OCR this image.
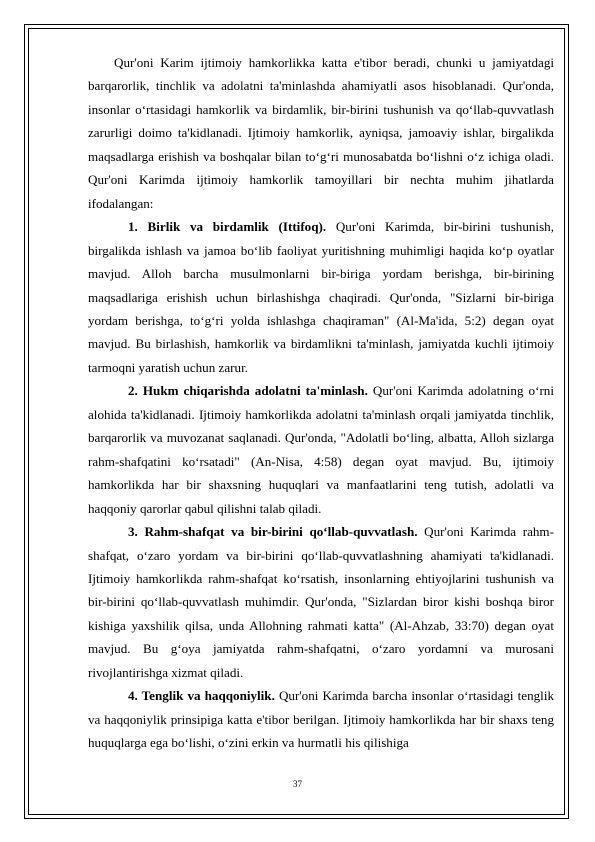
Qur'oni Karim ijtimoiy hamkorlikka katta e'tibor beradi, chunki u jamiyatdagi barqarorlik, tinchlik va adolatni ta'minlashda ahamiyatli asos hisoblanadi. Qur'onda, insonlar o‘rtasidagi hamkorlik va birdamlik, bir-birini tushunish va qo‘llab-quvvatlash zarurligi doimo ta'kidlanadi. Ijtimoiy hamkorlik, ayniqsa, jamoaviy ishlar, birgalikda maqsadlarga erishish va boshqalar bilan to‘g‘ri munosabatda bo‘lishni o‘z ichiga oladi. Qur'oni Karimda ijtimoiy hamkorlik tamoyillari bir nechta muhim jihatlarda ifodalangan:

1. Birlik va birdamlik (Ittifoq). Qur'oni Karimda, bir-birini tushunish, birgalikda ishlash va jamoa bo‘lib faoliyat yuritishning muhimligi haqida ko‘p oyatlar mavjud. Alloh barcha musulmonlarni bir-biriga yordam berishga, bir-birining maqsadlariga erishish uchun birlashishga chaqiradi. Qur'onda, "Sizlarni bir-biriga yordam berishga, to‘g‘ri yolda ishlashga chaqiraman" (Al-Ma'ida, 5:2) degan oyat mavjud. Bu birlashish, hamkorlik va birdamlikni ta'minlash, jamiyatda kuchli ijtimoiy tarmoqni yaratish uchun zarur.

2. Hukm chiqarishda adolatni ta'minlash. Qur'oni Karimda adolatning o‘rni alohida ta'kidlanadi. Ijtimoiy hamkorlikda adolatni ta'minlash orqali jamiyatda tinchlik, barqarorlik va muvozanat saqlanadi. Qur'onda, "Adolatli bo‘ling, albatta, Alloh sizlarga rahm-shafqatini ko‘rsatadi" (An-Nisa, 4:58) degan oyat mavjud. Bu, ijtimoiy hamkorlikda har bir shaxsning huquqlari va manfaatlarini teng tutish, adolatli va haqqoniy qarorlar qabul qilishni talab qiladi.

3. Rahm-shafqat va bir-birini qo‘llab-quvvatlash. Qur'oni Karimda rahm-shafqat, o‘zaro yordam va bir-birini qo‘llab-quvvatlashning ahamiyati ta'kidlanadi. Ijtimoiy hamkorlikda rahm-shafqat ko‘rsatish, insonlarning ehtiyojlarini tushunish va bir-birini qo‘llab-quvvatlash muhimdir. Qur'onda, "Sizlardan biror kishi boshqa biror kishiga yaxshilik qilsa, unda Allohning rahmati katta" (Al-Ahzab, 33:70) degan oyat mavjud. Bu g‘oya jamiyatda rahm-shafqatni, o‘zaro yordamni va murosani rivojlantirishga xizmat qiladi.

4. Tenglik va haqqoniylik. Qur'oni Karimda barcha insonlar o‘rtasidagi tenglik va haqqoniylik prinsipiga katta e'tibor berilgan. Ijtimoiy hamkorlikda har bir shaxs teng huquqlarga ega bo‘lishi, o‘zini erkin va hurmatli his qilishiga

37
